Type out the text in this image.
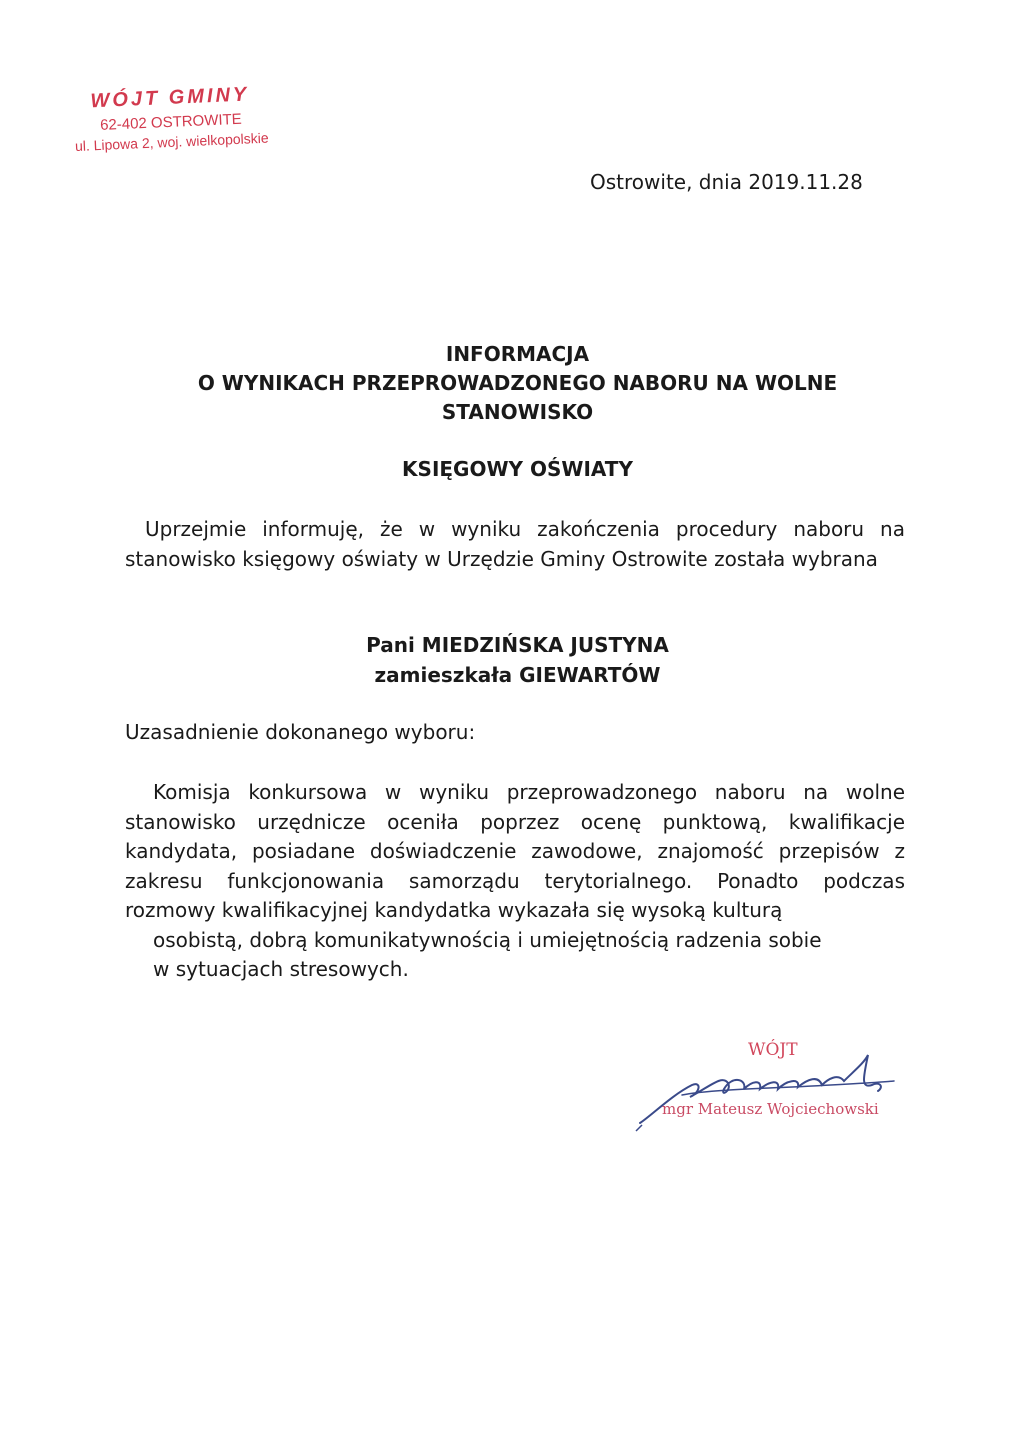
WÓJT GMINY
62-402 OSTROWITE
ul. Lipowa 2, woj. wielkopolskie
Ostrowite, dnia 2019.11.28
INFORMACJA
O WYNIKACH PRZEPROWADZONEGO NABORU NA WOLNE
STANOWISKO
KSIĘGOWY OŚWIATY
Uprzejmie informuję, że w wyniku zakończenia procedury naboru na stanowisko księgowy oświaty w Urzędzie Gminy Ostrowite została wybrana
Pani MIEDZIŃSKA JUSTYNA
zamieszkała GIEWARTÓW
Uzasadnienie dokonanego wyboru:
Komisja konkursowa w wyniku przeprowadzonego naboru na wolne stanowisko urzędnicze oceniła poprzez ocenę punktową, kwalifikacje kandydata, posiadane doświadczenie zawodowe, znajomość przepisów z zakresu funkcjonowania samorządu terytorialnego. Ponadto podczas rozmowy kwalifikacyjnej kandydatka wykazała się wysoką kulturą
osobistą, dobrą komunikatywnością i umiejętnością radzenia sobie
w sytuacjach stresowych.
WÓJT
mgr Mateusz Wojciechowski
